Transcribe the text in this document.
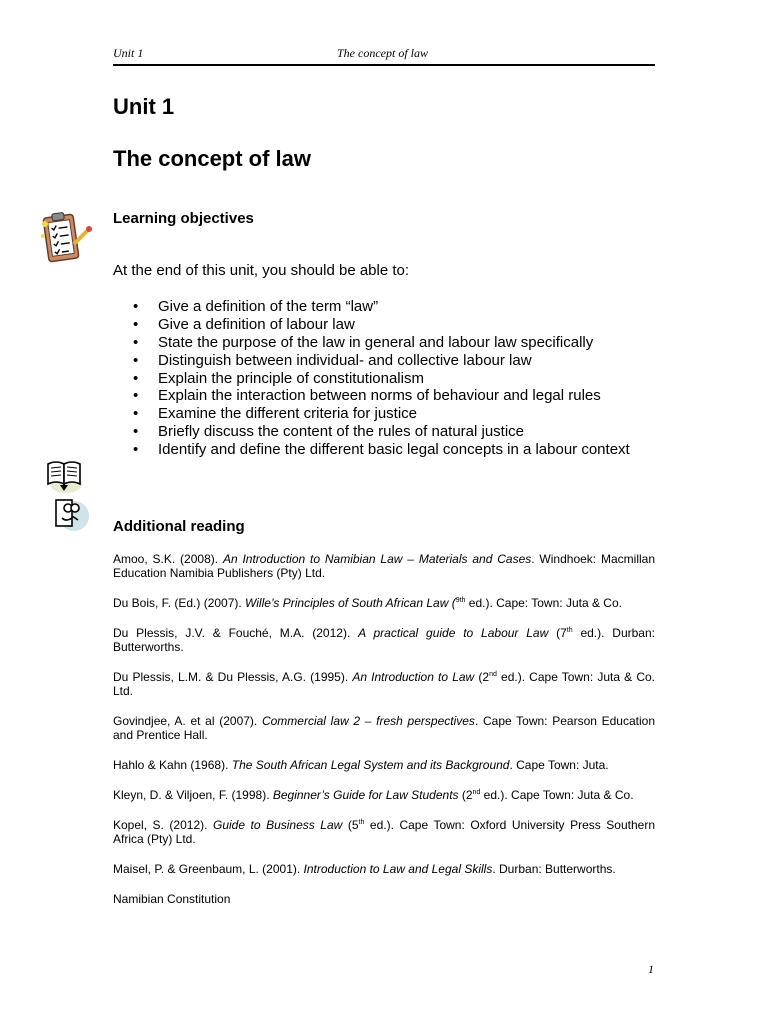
Unit 1	The concept of law
Unit 1
The concept of law
Learning objectives
At the end of this unit, you should be able to:
• Give a definition of the term “law”
• Give a definition of labour law
• State the purpose of the law in general and labour law specifically
• Distinguish between individual- and collective labour law
• Explain the principle of constitutionalism
• Explain the interaction between norms of behaviour and legal rules
• Examine the different criteria for justice
• Briefly discuss the content of the rules of natural justice
• Identify and define the different basic legal concepts in a labour context
Additional reading

Amoo, S.K. (2008). An Introduction to Namibian Law – Materials and Cases. Windhoek: Macmillan Education Namibia Publishers (Pty) Ltd.

Du Bois, F. (Ed.) (2007). Wille’s Principles of South African Law ($^{9th}$ ed.). Cape: Town: Juta & Co.

Du Plessis, J.V. & Fouché, M.A. (2012). A practical guide to Labour Law (7th ed.). Durban: Butterworths.

Du Plessis, L.M. & Du Plessis, A.G. (1995). An Introduction to Law (2nd ed.). Cape Town: Juta & Co. Ltd.

Govindjee, A. et al (2007). Commercial law 2 – fresh perspectives. Cape Town: Pearson Education and Prentice Hall.

Hahlo & Kahn (1968). The South African Legal System and its Background. Cape Town: Juta.

Kleyn, D. & Viljoen, F. (1998). Beginner’s Guide for Law Students (2nd ed.). Cape Town: Juta & Co.

Kopel, S. (2012). Guide to Business Law (5th ed.). Cape Town: Oxford University Press Southern Africa (Pty) Ltd.

Maisel, P. & Greenbaum, L. (2001). Introduction to Law and Legal Skills. Durban: Butterworths.

Namibian Constitution

1
